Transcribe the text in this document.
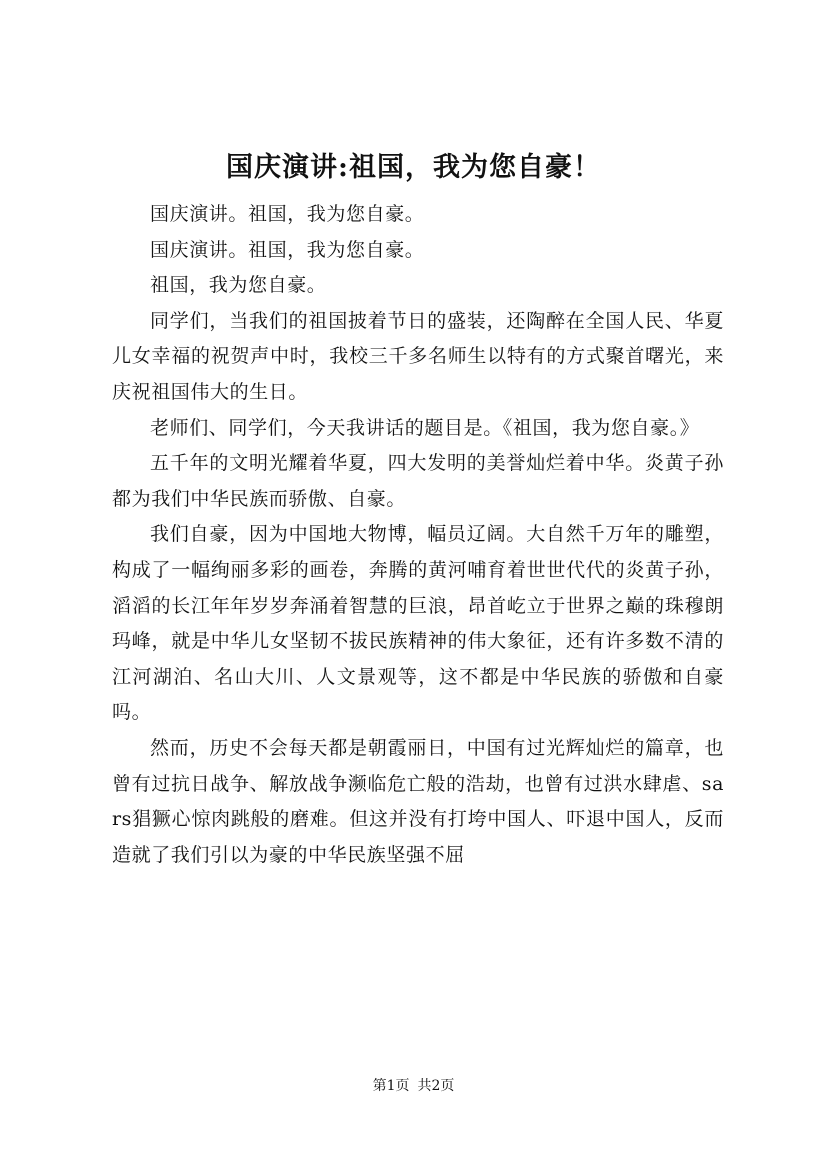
国庆演讲:祖国，我为您自豪！

国庆演讲。祖国，我为您自豪。

国庆演讲。祖国，我为您自豪。

祖国，我为您自豪。

同学们，当我们的祖国披着节日的盛装，还陶醉在全国人民、华夏儿女幸福的祝贺声中时，我校三千多名师生以特有的方式聚首曙光，来庆祝祖国伟大的生日。

老师们、同学们，今天我讲话的题目是。《祖国，我为您自豪。》

五千年的文明光耀着华夏，四大发明的美誉灿烂着中华。炎黄子孙都为我们中华民族而骄傲、自豪。

我们自豪，因为中国地大物博，幅员辽阔。大自然千万年的雕塑，构成了一幅绚丽多彩的画卷，奔腾的黄河哺育着世世代代的炎黄子孙，滔滔的长江年年岁岁奔涌着智慧的巨浪，昂首屹立于世界之巅的珠穆朗玛峰，就是中华儿女坚韧不拔民族精神的伟大象征，还有许多数不清的江河湖泊、名山大川、人文景观等，这不都是中华民族的骄傲和自豪吗。

然而，历史不会每天都是朝霞丽日，中国有过光辉灿烂的篇章，也曾有过抗日战争、解放战争濒临危亡般的浩劫，也曾有过洪水肆虐、sars猖獗心惊肉跳般的磨难。但这并没有打垮中国人、吓退中国人，反而造就了我们引以为豪的中华民族坚强不屈

第1页 共2页
